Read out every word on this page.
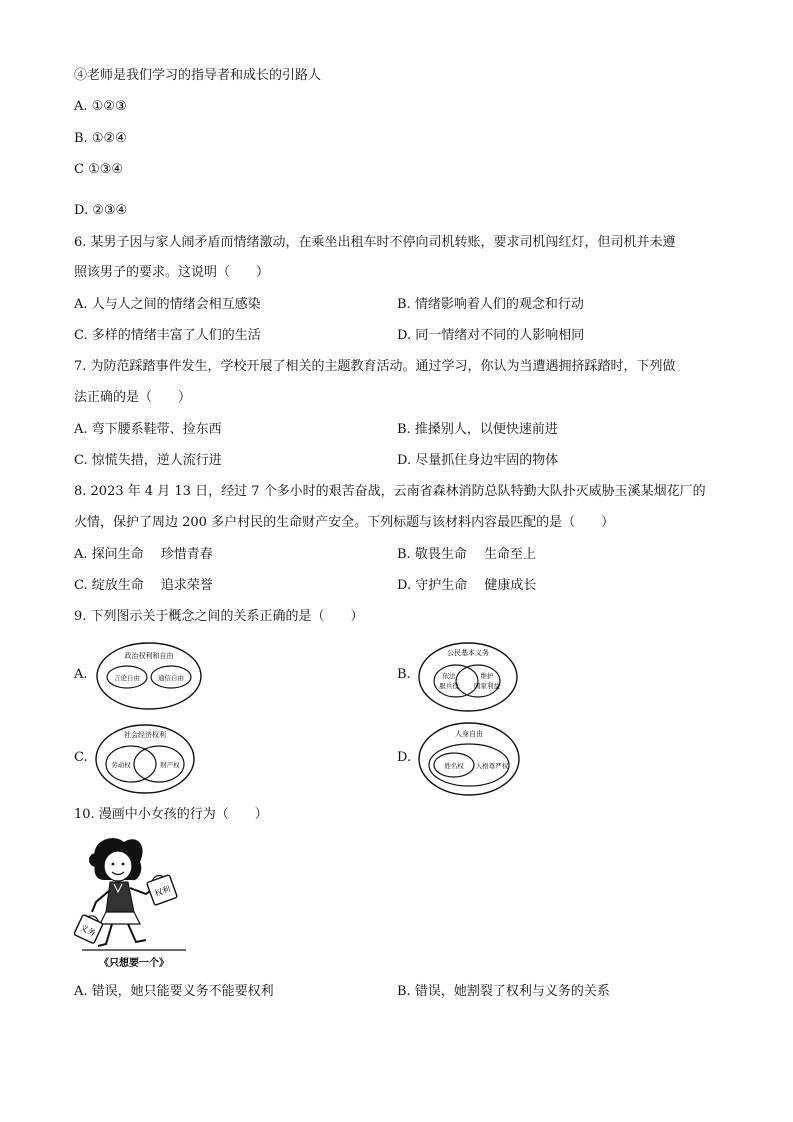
④老师是我们学习的指导者和成长的引路人
A. ①②③
B. ①②④
C ①③④
D. ②③④
6. 某男子因与家人闹矛盾而情绪激动，在乘坐出租车时不停向司机转账，要求司机闯红灯，但司机并未遵
照该男子的要求。这说明（　　）
A. 人与人之间的情绪会相互感染	B. 情绪影响着人们的观念和行动
C. 多样的情绪丰富了人们的生活	D. 同一情绪对不同的人影响相同
7. 为防范踩踏事件发生，学校开展了相关的主题教育活动。通过学习，你认为当遭遇拥挤踩踏时，下列做
法正确的是（　　）
A. 弯下腰系鞋带、捡东西	B. 推搡别人，以便快速前进
C. 惊慌失措，逆人流行进	D. 尽量抓住身边牢固的物体
8. 2023 年 4 月 13 日，经过 7 个多小时的艰苦奋战，云南省森林消防总队特勤大队扑灭威胁玉溪某烟花厂的
火情，保护了周边 200 多户村民的生命财产安全。下列标题与该材料内容最匹配的是（　　）
A. 探问生命　 珍惜青春	B. 敬畏生命　 生命至上
C. 绽放生命　 追求荣誉	D. 守护生命　 健康成长
9. 下列图示关于概念之间的关系正确的是（　　）
A.
政治权利和自由
言论自由	通信自由	B.
公民基本义务
依法
服兵役
维护
国家利益
C.
社会经济权利
劳动权	财产权	D.
人身自由
姓名权 人格尊严权
10. 漫画中小女孩的行为（　　）
权利
义务
《只想要一个》
A. 错误，她只能要义务不能要权利	B. 错误，她割裂了权利与义务的关系
